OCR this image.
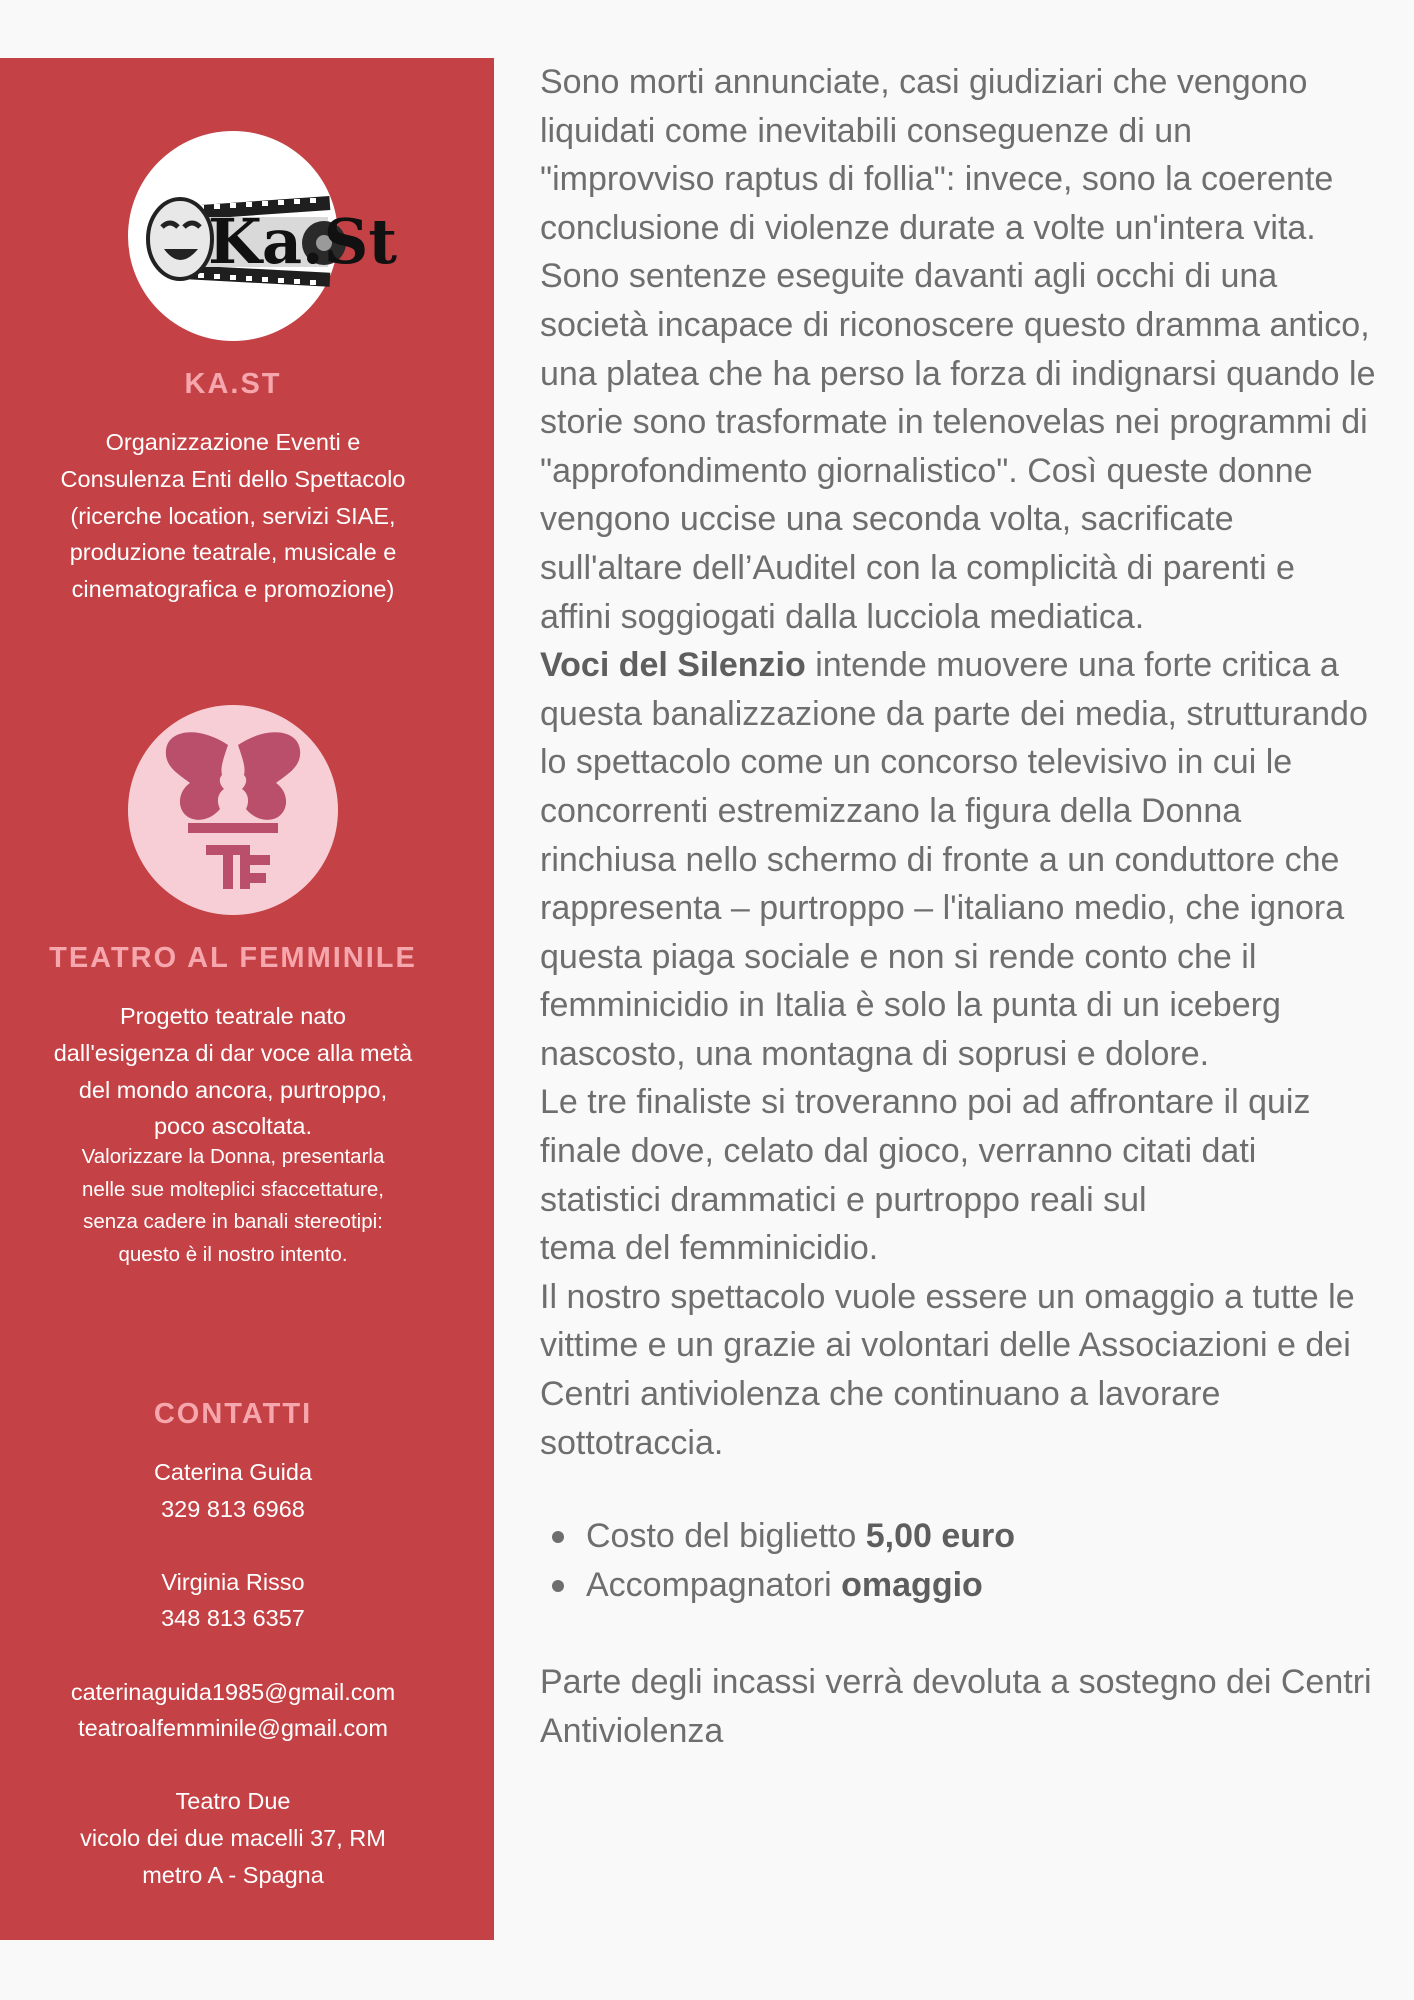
Ka.St
KA.ST

Organizzazione Eventi e
Consulenza Enti dello Spettacolo
(ricerche location, servizi SIAE,
produzione teatrale, musicale e
cinematografica e promozione)

TEATRO AL FEMMINILE

Progetto teatrale nato
dall'esigenza di dar voce alla metà
del mondo ancora, purtroppo,
poco ascoltata.

Valorizzare la Donna, presentarla
nelle sue molteplici sfaccettature,
senza cadere in banali stereotipi:
questo è il nostro intento.

CONTATTI

Caterina Guida
329 813 6968
Virginia Risso
348 813 6357
caterinaguida1985@gmail.com
teatroalfemminile@gmail.com
Teatro Due
vicolo dei due macelli 37, RM
metro A - Spagna

Sono morti annunciate, casi giudiziari che vengono
liquidati come inevitabili conseguenze di un
"improvviso raptus di follia": invece, sono la coerente
conclusione di violenze durate a volte un'intera vita.
Sono sentenze eseguite davanti agli occhi di una
società incapace di riconoscere questo dramma antico,
una platea che ha perso la forza di indignarsi quando le
storie sono trasformate in telenovelas nei programmi di
"approfondimento giornalistico". Così queste donne
vengono uccise una seconda volta, sacrificate
sull'altare dell’Auditel con la complicità di parenti e
affini soggiogati dalla lucciola mediatica.
Voci del Silenzio intende muovere una forte critica a
questa banalizzazione da parte dei media, strutturando
lo spettacolo come un concorso televisivo in cui le
concorrenti estremizzano la figura della Donna
rinchiusa nello schermo di fronte a un conduttore che
rappresenta – purtroppo – l'italiano medio, che ignora
questa piaga sociale e non si rende conto che il
femminicidio in Italia è solo la punta di un iceberg
nascosto, una montagna di soprusi e dolore.
Le tre finaliste si troveranno poi ad affrontare il quiz
finale dove, celato dal gioco, verranno citati dati
statistici drammatici e purtroppo reali sul
tema del femminicidio.
Il nostro spettacolo vuole essere un omaggio a tutte le
vittime e un grazie ai volontari delle Associazioni e dei
Centri antiviolenza che continuano a lavorare
sottotraccia.
Costo del biglietto 5,00 euro
Accompagnatori omaggio
Parte degli incassi verrà devoluta a sostegno dei Centri
Antiviolenza
